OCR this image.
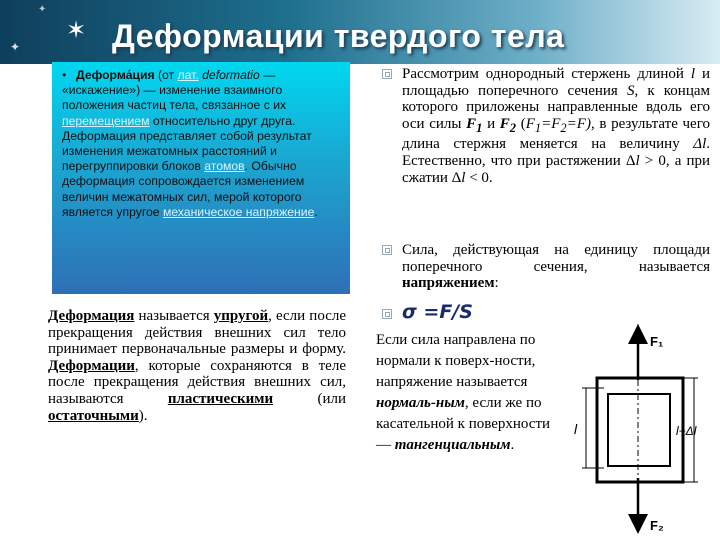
✦
✶
✦	Деформации твердого тела
• Деформа́ция (от лат. deformatio — «искажение») — изменение взаимного положения частиц тела, связанное с их перемещением относительно друг друга. Деформация представляет собой результат изменения межатомных расстояний и перегруппировки блоков атомов. Обычно деформация сопровождается изменением величин межатомных сил, мерой которого является упругое механическое напряжение.
Деформация называется упругой, если после прекращения действия внешних сил тело принимает первоначальные размеры и форму. Деформации, которые сохраняются в теле после прекращения действия внешних сил, называются пластическими (или остаточными).
Рассмотрим однородный стержень длиной l и площадью поперечного сечения S, к концам которого приложены направленные вдоль его оси силы $F_1$ и $F_2$ $(F_1=F_2=F)$, в результате чего длина стержня меняется на величину Δl. Естественно, что при растяжении Δl > 0, а при сжатии Δl < 0.
Сила, действующая на единицу площади поперечного сечения, называется напряжением:
σ =F/S
Если сила направлена по нормали к поверх-ности, напряжение называется нормаль-ным, если же по касательной к поверхности — тангенциальным.
F₁
F₂
l	l+Δl
